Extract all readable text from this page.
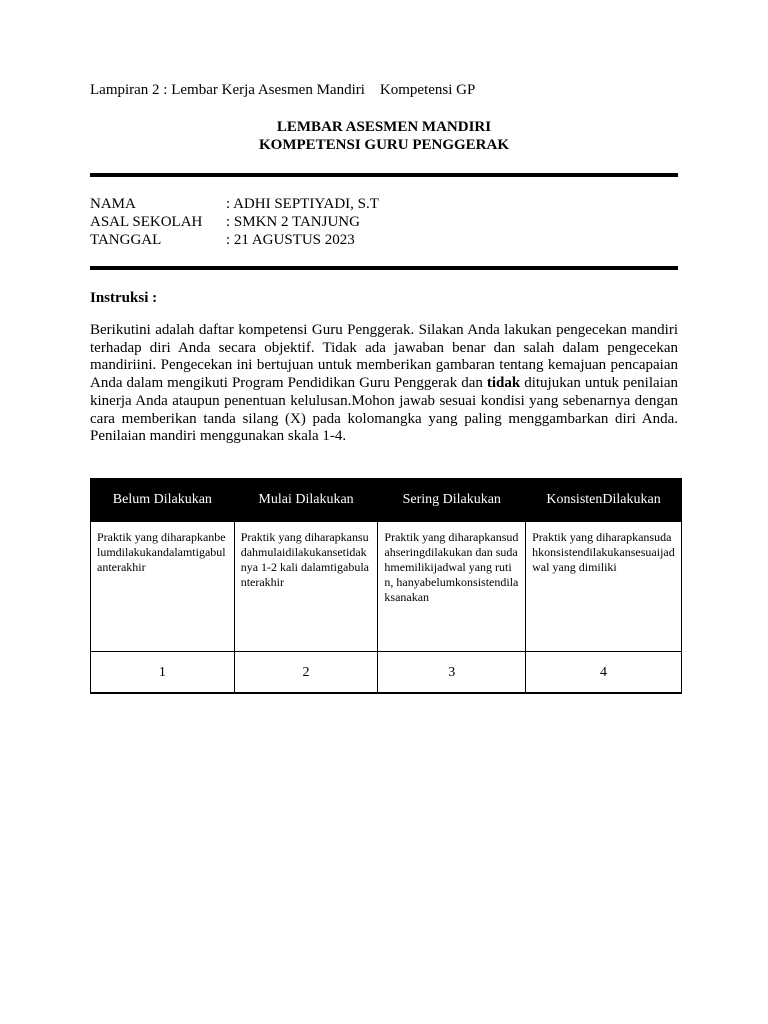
Lampiran 2 : Lembar Kerja Asesmen Mandiri    Kompetensi GP
LEMBAR ASESMEN MANDIRI
KOMPETENSI GURU PENGGERAK
NAMA	: ADHI SEPTIYADI, S.T
ASAL SEKOLAH	: SMKN 2 TANJUNG
TANGGAL	: 21 AGUSTUS 2023
Instruksi :
Berikutini adalah daftar kompetensi Guru Penggerak. Silakan Anda lakukan pengecekan mandiri terhadap diri Anda secara objektif. Tidak ada jawaban benar dan salah dalam pengecekan mandiriini. Pengecekan ini bertujuan untuk memberikan gambaran tentang kemajuan pencapaian Anda dalam mengikuti Program Pendidikan Guru Penggerak dan tidak ditujukan untuk penilaian kinerja Anda ataupun penentuan kelulusan.Mohon jawab sesuai kondisi yang sebenarnya dengan cara memberikan tanda silang (X) pada kolomangka yang paling menggambarkan diri Anda. Penilaian mandiri menggunakan skala 1-4.
Belum Dilakukan	Mulai Dilakukan	Sering Dilakukan	KonsistenDilakukan
Praktik yang diharapkanbelumdilakukandalamtigabulanterakhir	Praktik yang diharapkansudahmulaidilakukansetidaknya 1-2 kali dalamtigabulanterakhir	Praktik yang diharapkansudahseringdilakukan dan sudahmemilikijadwal yang rutin, hanyabelumkonsistendilaksanakan	Praktik yang diharapkansudahkonsistendilakukansesuaijadwal yang dimiliki
1	2	3	4
